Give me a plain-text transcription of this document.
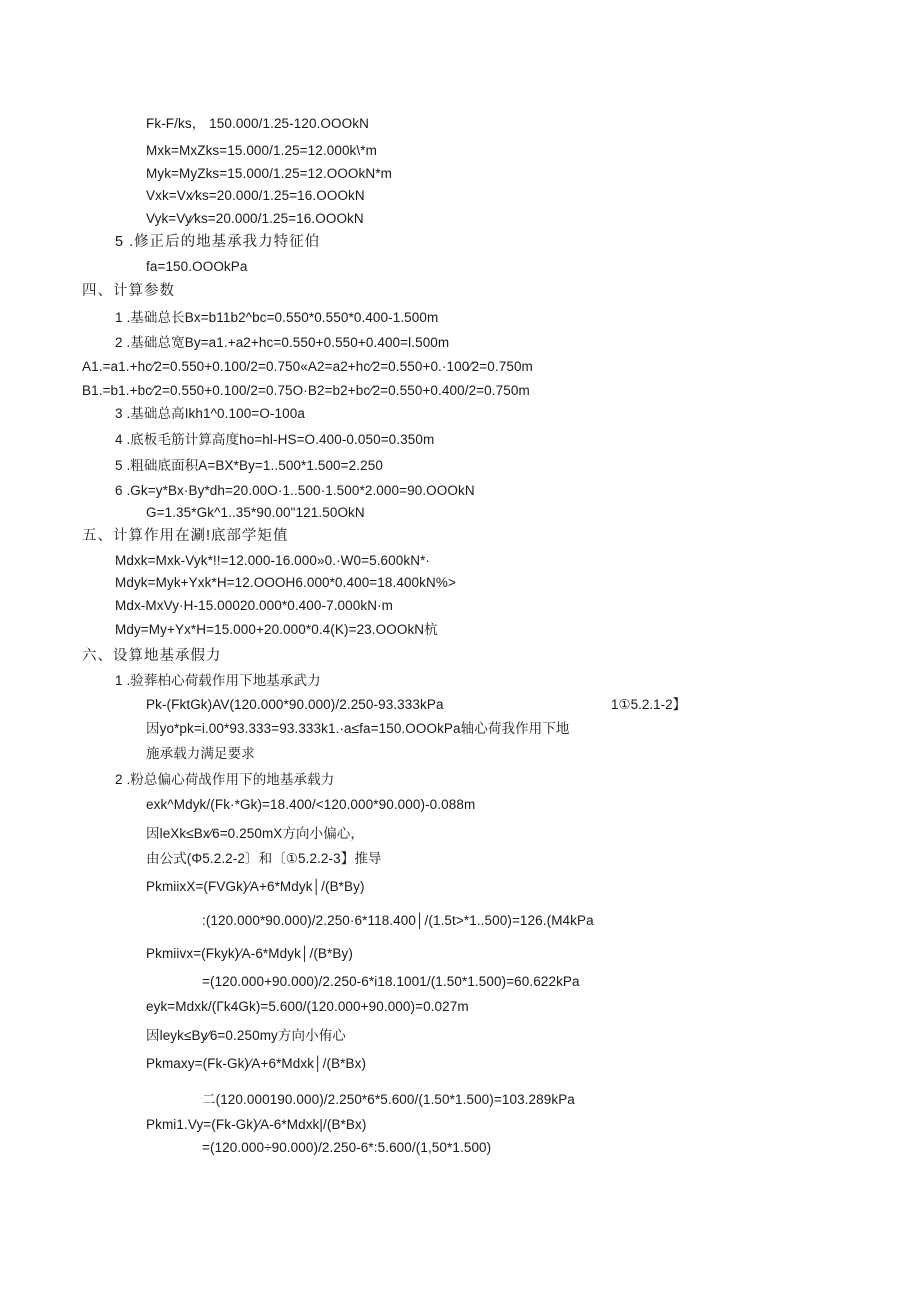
Fk-F/ks， 150.000/1.25-120.OOOkN
Mxk=MxZks=15.000/1.25=12.000k\*m
Myk=MyZks=15.000/1.25=12.OOOkN*m
Vxk=Vx⁄ks=20.000/1.25=16.OOOkN
Vyk=Vy⁄ks=20.000/1.25=16.OOOkN
5 .修正后的地基承我力特征伯
fa=150.OOOkPa
四、计算参数
1 .基础总长Bx=b11b2^bc=0.550*0.550*0.400-1.500m
2 .基础总宽By=a1.+a2+hc=0.550+0.550+0.400=l.500m
A1.=a1.+hc⁄2=0.550+0.100/2=0.750«A2=a2+hc⁄2=0.550+0.·100⁄2=0.750m
B1.=b1.+bc⁄2=0.550+0.100/2=0.75O·B2=b2+bc⁄2=0.550+0.400/2=0.750m
3 .基础总高Ikh1^0.100=O-100a
4 .底板毛筋计算高度ho=hl-HS=O.400-0.050=0.350m
5 .粗础底面积A=BX*By=1..500*1.500=2.250
6 .Gk=y*Bx·By*dh=20.00O·1..500·1.500*2.000=90.OOOkN
G=1.35*Gk^1..35*90.00"121.50OkN
五、计算作用在涮!底部学矩值
Mdxk=Mxk-Vyk*!!=12.000-16.000»0.·W0=5.600kN*·
Mdyk=Myk+Yxk*H=12.OOOH6.000*0.400=18.400kN%>
Mdx-MxVy·H-15.00020.000*0.400-7.000kN·m
Mdy=My+Yx*H=15.000+20.000*0.4(K)=23.OOOkN杭
六、设算地基承假力
1 .验葬柏心荷载作用下地基承武力
Pk-(FktGk)AV(120.000*90.000)/2.250-93.333kPa	1①5.2.1-2】
因yo*pk=i.00*93.333=93.333k1.·a≤fa=150.OOOkPa轴心荷我作用下地
施承载力满足要求
2 .粉总偏心荷战作用下的地基承载力
exk^Mdyk/(Fk·*Gk)=18.400/<120.000*90.000)-0.088m
因leXk≤Bx⁄6=0.250mX方向小偏心，
由公式(Φ5.2.2-2〕和〔①5.2.2-3】推导
PkmiixX=(FVGk)⁄A+6*Mdyk│/(B*By)
:(120.000*90.000)/2.250·6*118.400│/(1.5t>*1..500)=126.(M4kPa
Pkmiivx=(Fkyk)⁄A-6*Mdyk│/(B*By)
=(120.000+90.000)/2.250-6*i18.1001/(1.50*1.500)=60.622kPa
eyk=Mdxk/(Γk4Gk)=5.600/(120.000+90.000)=0.027m
因leyk≤By⁄6=0.250my方向小侑心
Pkmaxy=(Fk-Gk)⁄A+6*Mdxk│/(B*Bx)
二(120.000190.000)/2.250*6*5.600/(1.50*1.500)=103.289kPa
Pkmi1.Vy=(Fk-Gk)⁄A-6*Mdxk|/(B*Bx)
=(120.000÷90.000)/2.250-6*:5.600/(1,50*1.500)
